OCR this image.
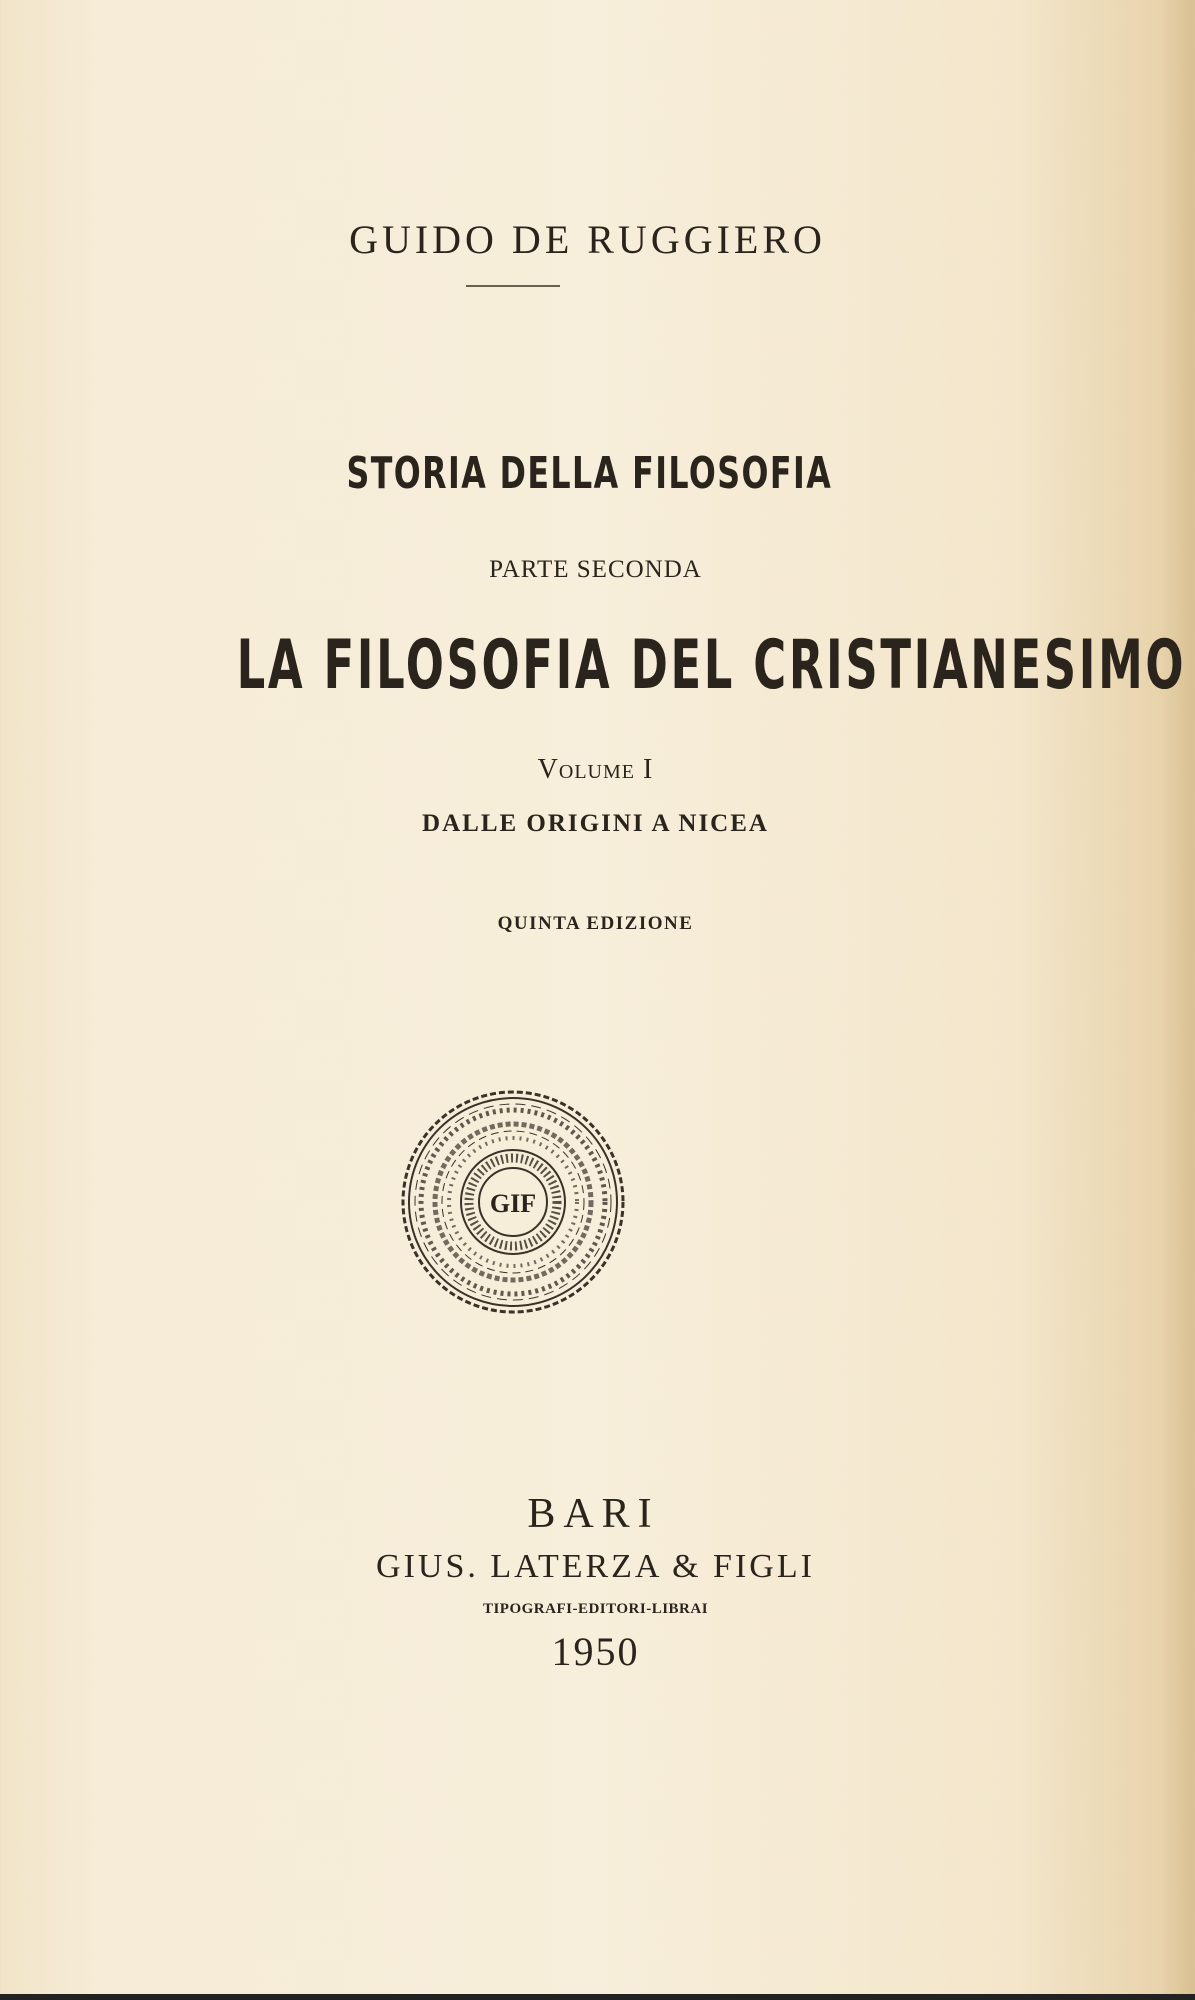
GUIDO DE RUGGIERO
STORIA DELLA FILOSOFIA
PARTE SECONDA
LA FILOSOFIA DEL CRISTIANESIMO
Volume I
DALLE ORIGINI A NICEA
QUINTA EDIZIONE
GIF
BARI
GIUS. LATERZA & FIGLI
TIPOGRAFI-EDITORI-LIBRAI
1950
